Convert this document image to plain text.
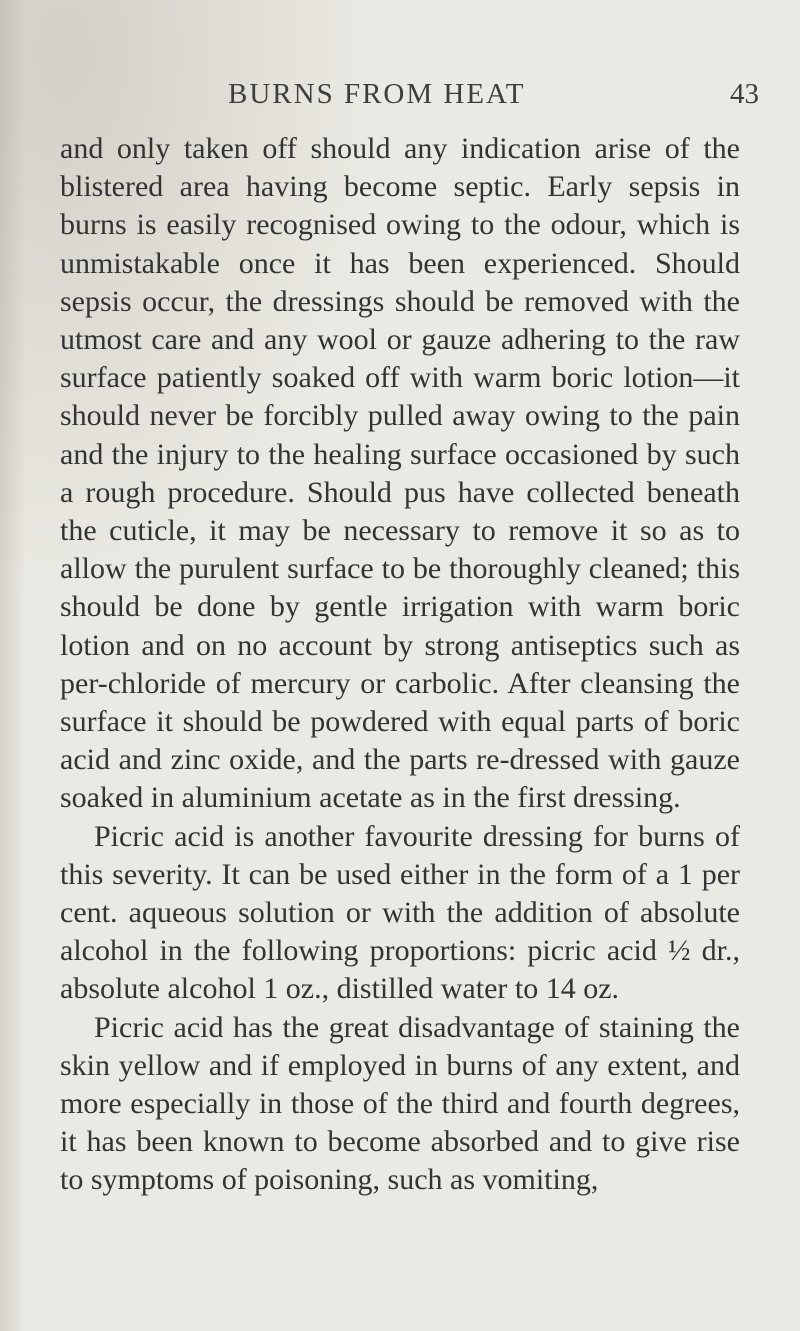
BURNS FROM HEAT	43

and only taken off should any indication arise of the blistered area having become septic. Early sepsis in burns is easily recognised owing to the odour, which is unmistakable once it has been experienced. Should sepsis occur, the dressings should be removed with the utmost care and any wool or gauze adhering to the raw surface patiently soaked off with warm boric lotion—it should never be forcibly pulled away owing to the pain and the injury to the healing surface occasioned by such a rough procedure. Should pus have collected beneath the cuticle, it may be necessary to remove it so as to allow the purulent surface to be thoroughly cleaned; this should be done by gentle irrigation with warm boric lotion and on no account by strong antiseptics such as per-chloride of mercury or carbolic. After cleansing the surface it should be powdered with equal parts of boric acid and zinc oxide, and the parts re-dressed with gauze soaked in aluminium acetate as in the first dressing.

Picric acid is another favourite dressing for burns of this severity. It can be used either in the form of a 1 per cent. aqueous solution or with the addition of absolute alcohol in the following proportions: picric acid ½ dr., absolute alcohol 1 oz., distilled water to 14 oz.

Picric acid has the great disadvantage of staining the skin yellow and if employed in burns of any extent, and more especially in those of the third and fourth degrees, it has been known to become absorbed and to give rise to symptoms of poisoning, such as vomiting,
